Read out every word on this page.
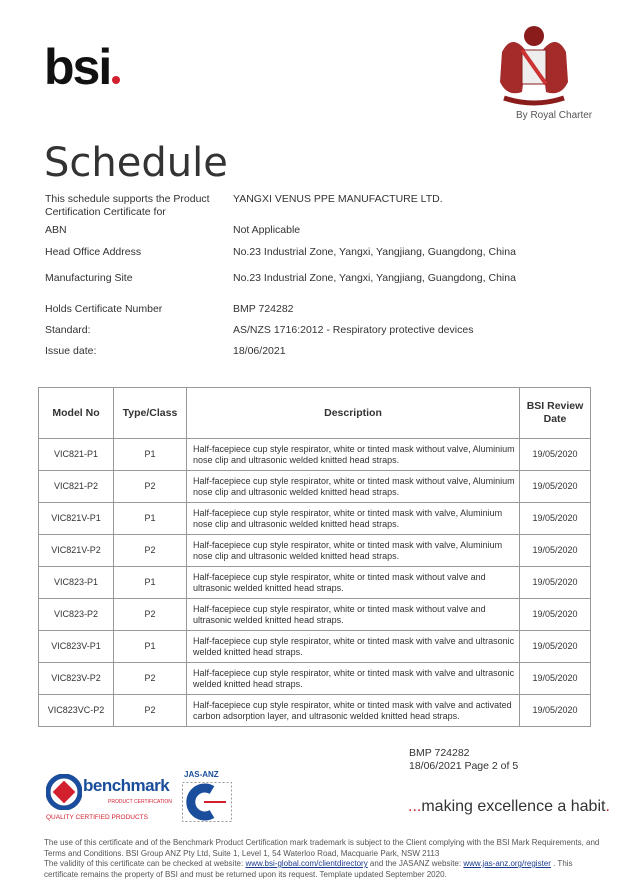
bsi
By Royal Charter
Schedule
This schedule supports the Product Certification Certificate for
YANGXI VENUS PPE MANUFACTURE LTD.
ABN	Not Applicable
Head Office Address	No.23 Industrial Zone, Yangxi, Yangjiang, Guangdong, China
Manufacturing Site	No.23 Industrial Zone, Yangxi, Yangjiang, Guangdong, China
Holds Certificate Number	BMP 724282
Standard:	AS/NZS 1716:2012 - Respiratory protective devices
Issue date:	18/06/2021
Model No	Type/Class	Description	BSI Review Date
VIC821-P1	P1	Half-facepiece cup style respirator, white or tinted mask without valve, Aluminium nose clip and ultrasonic welded knitted head straps.	19/05/2020
VIC821-P2	P2	Half-facepiece cup style respirator, white or tinted mask without valve, Aluminium nose clip and ultrasonic welded knitted head straps.	19/05/2020
VIC821V-P1	P1	Half-facepiece cup style respirator, white or tinted mask with valve, Aluminium nose clip and ultrasonic welded knitted head straps.	19/05/2020
VIC821V-P2	P2	Half-facepiece cup style respirator, white or tinted mask with valve, Aluminium nose clip and ultrasonic welded knitted head straps.	19/05/2020
VIC823-P1	P1	Half-facepiece cup style respirator, white or tinted mask without valve and ultrasonic welded knitted head straps.	19/05/2020
VIC823-P2	P2	Half-facepiece cup style respirator, white or tinted mask without valve and ultrasonic welded knitted head straps.	19/05/2020
VIC823V-P1	P1	Half-facepiece cup style respirator, white or tinted mask with valve and ultrasonic welded knitted head straps.	19/05/2020
VIC823V-P2	P2	Half-facepiece cup style respirator, white or tinted mask with valve and ultrasonic welded knitted head straps.	19/05/2020
VIC823VC-P2	P2	Half-facepiece cup style respirator, white or tinted mask with valve and activated carbon adsorption layer, and ultrasonic welded knitted head straps.	19/05/2020
benchmark
PRODUCT CERTIFICATION
QUALITY CERTIFIED PRODUCTS
JAS-ANZ
BMP 724282
18/06/2021 Page 2 of 5
...making excellence a habit.
The use of this certificate and of the Benchmark Product Certification mark trademark is subject to the Client complying with the BSI Mark Requirements, and Terms and Conditions. BSI Group ANZ Pty Ltd, Suite 1, Level 1, 54 Waterloo Road, Macquarie Park, NSW 2113
The validity of this certificate can be checked at website: www.bsi-global.com/clientdirectory and the JASANZ website: www.jas-anz.org/register . This certificate remains the property of BSI and must be returned upon its request. Template updated September 2020.
